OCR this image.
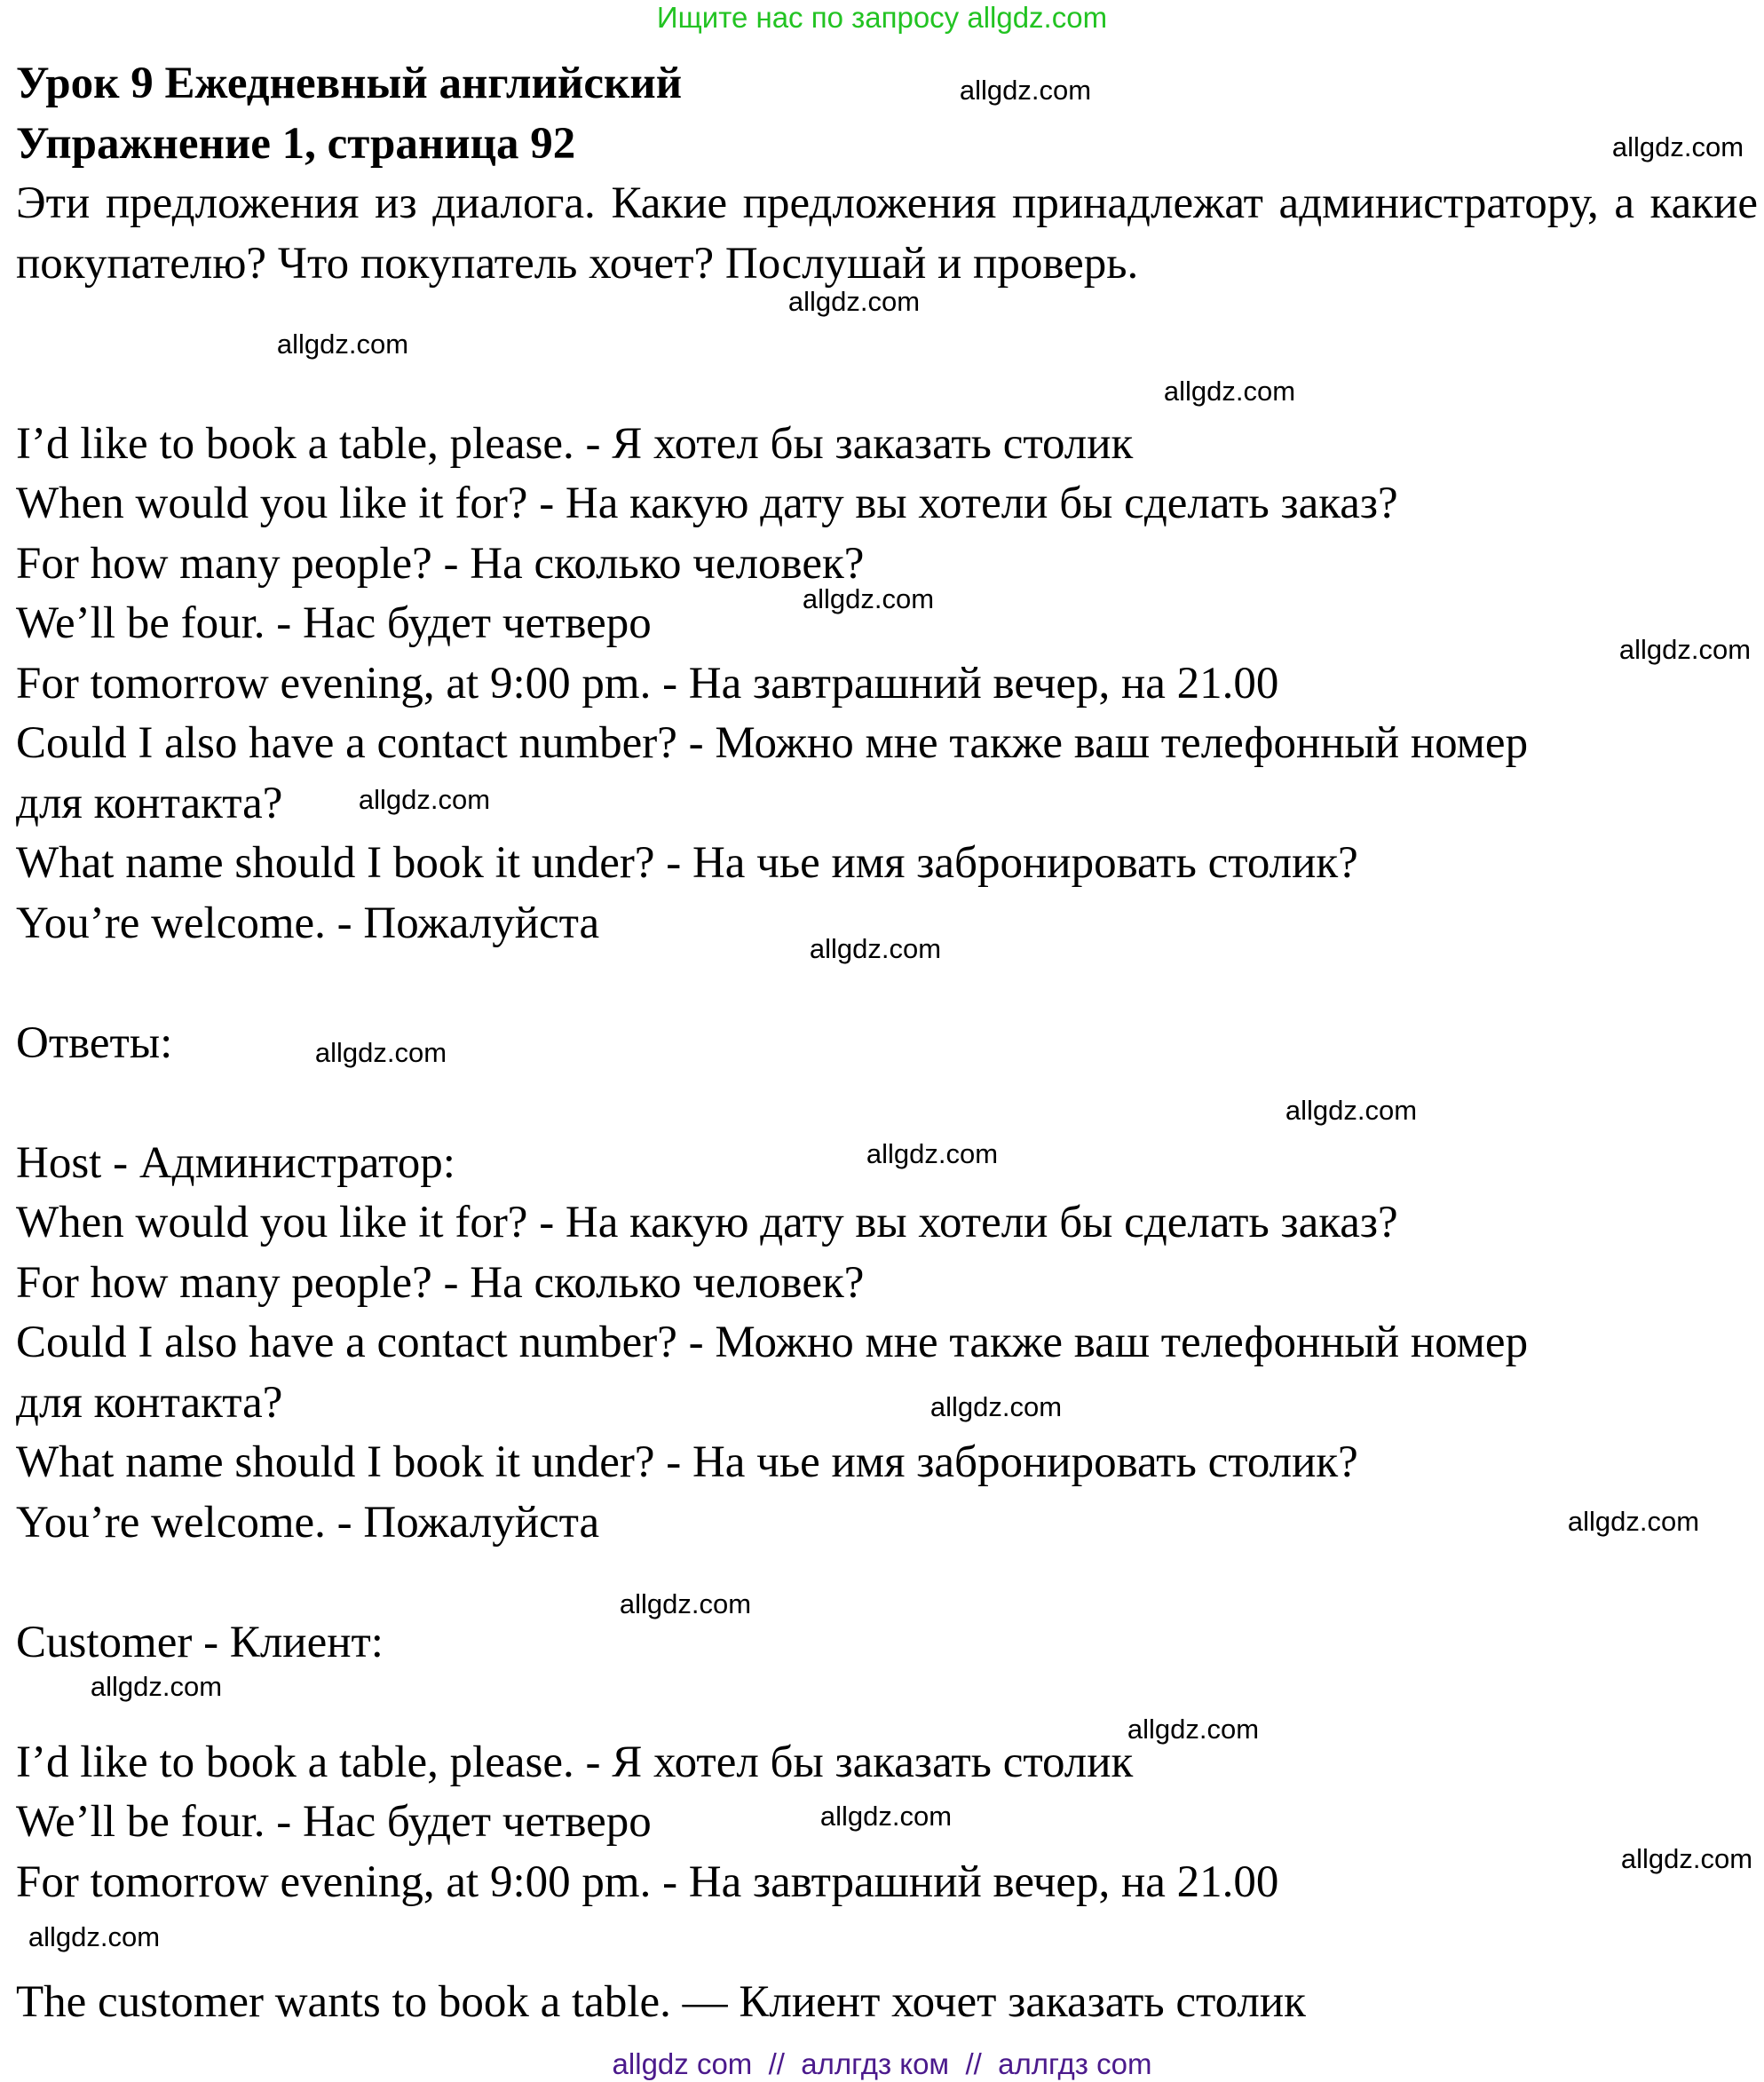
Ищите нас по запросу allgdz.com
Урок 9 Ежедневный английский
Упражнение 1, страница 92
Эти предложения из диалога. Какие предложения принадлежат администратору, а какие покупателю? Что покупатель хочет? Послушай и проверь.
I’d like to book a table, please. - Я хотел бы заказать столик
When would you like it for? - На какую дату вы хотели бы сделать заказ?
For how many people? - На сколько человек?
We’ll be four. - Нас будет четверо
For tomorrow evening, at 9:00 pm. - На завтрашний вечер, на 21.00
Could I also have a contact number? - Можно мне также ваш телефонный номер
для контакта?
What name should I book it under? - На чье имя забронировать столик?
You’re welcome. - Пожалуйста
Ответы:
Host - Администратор:
When would you like it for? - На какую дату вы хотели бы сделать заказ?
For how many people? - На сколько человек?
Could I also have a contact number? - Можно мне также ваш телефонный номер
для контакта?
What name should I book it under? - На чье имя забронировать столик?
You’re welcome. - Пожалуйста
Customer - Клиент:
I’d like to book a table, please. - Я хотел бы заказать столик
We’ll be four. - Нас будет четверо
For tomorrow evening, at 9:00 pm. - На завтрашний вечер, на 21.00
The customer wants to book a table. — Клиент хочет заказать столик
allgdz.com
allgdz.com
allgdz.com
allgdz.com
allgdz.com
allgdz.com
allgdz.com
allgdz.com
allgdz.com
allgdz.com
allgdz.com
allgdz.com
allgdz.com
allgdz.com
allgdz.com
allgdz.com
allgdz.com
allgdz.com
allgdz.com
allgdz.com
allgdz com  //  аллгдз ком  //  аллгдз com
